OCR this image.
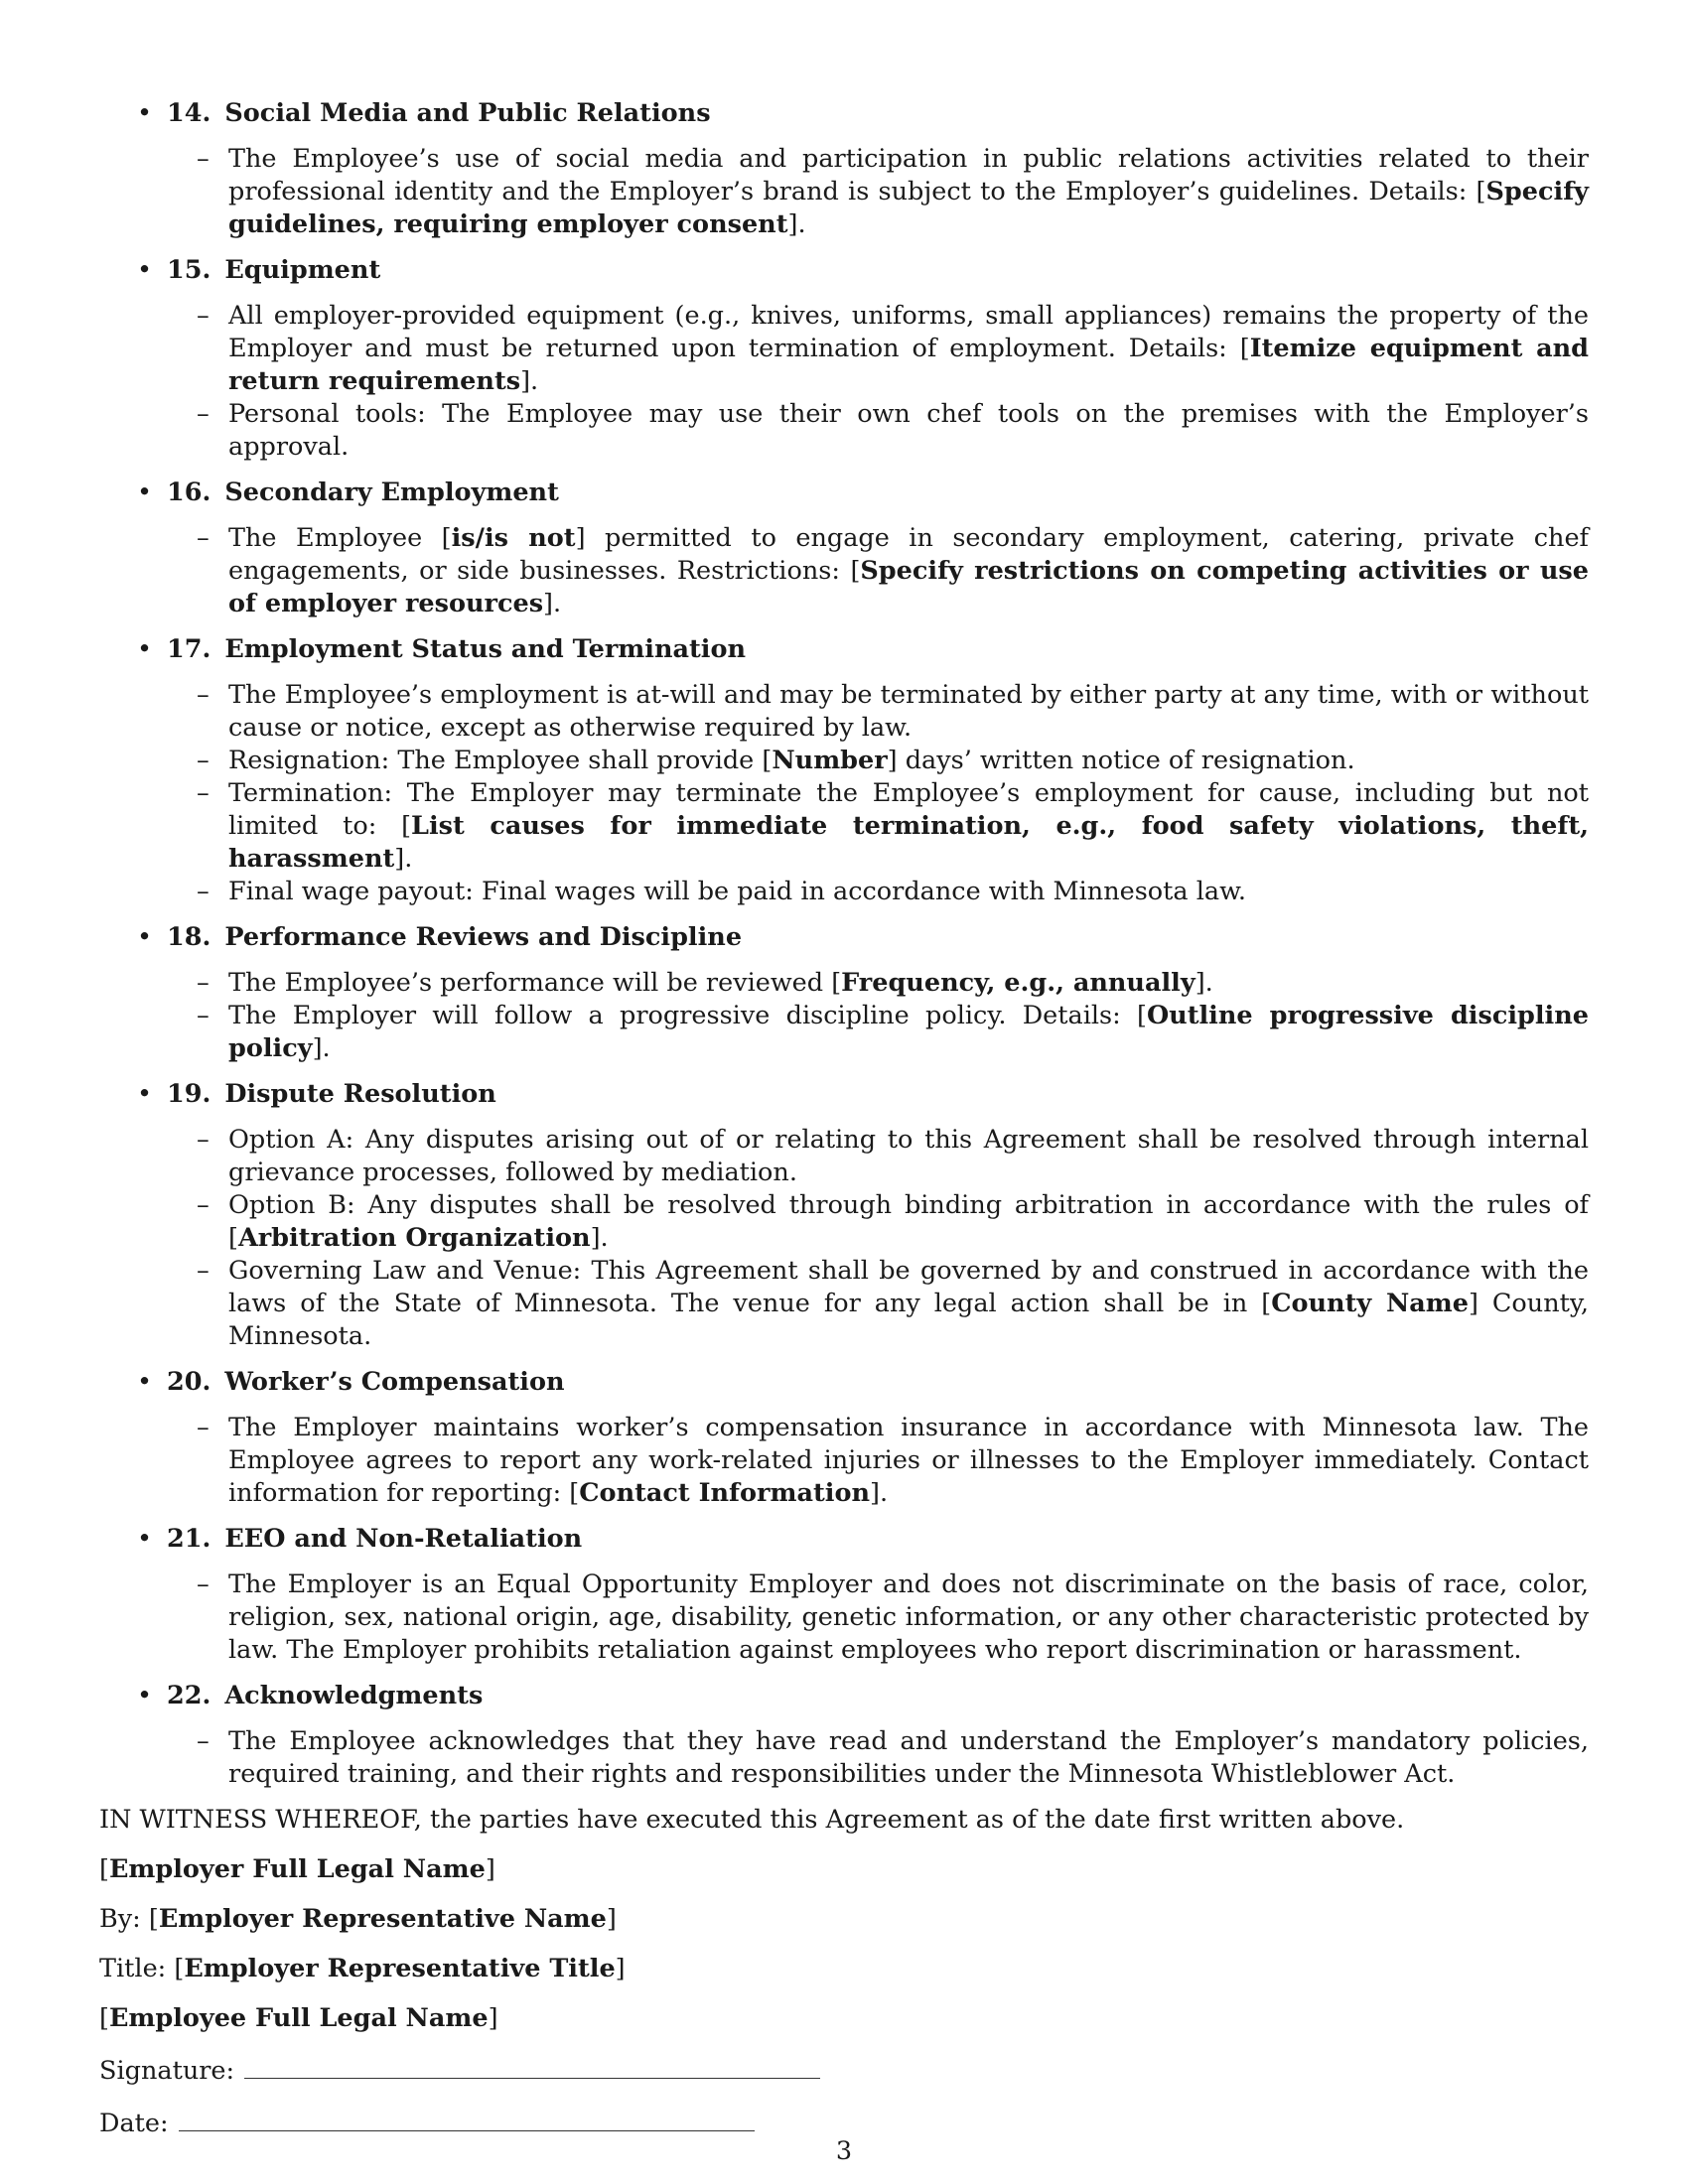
• 14. Social Media and Public Relations
– The Employee’s use of social media and participation in public relations activities related to their professional identity and the Employer’s brand is subject to the Employer’s guidelines. Details: [Specify guidelines, requiring employer consent].
• 15. Equipment
– All employer-provided equipment (e.g., knives, uniforms, small appliances) remains the property of the Employer and must be returned upon termination of employment. Details: [Itemize equipment and return requirements].
– Personal tools: The Employee may use their own chef tools on the premises with the Employer’s approval.
• 16. Secondary Employment
– The Employee [is/is not] permitted to engage in secondary employment, catering, private chef engagements, or side businesses. Restrictions: [Specify restrictions on competing activities or use of employer resources].
• 17. Employment Status and Termination
– The Employee’s employment is at-will and may be terminated by either party at any time, with or without cause or notice, except as otherwise required by law.
– Resignation: The Employee shall provide [Number] days’ written notice of resignation.
– Termination: The Employer may terminate the Employee’s employment for cause, including but not limited to: [List causes for immediate termination, e.g., food safety violations, theft, harassment].
– Final wage payout: Final wages will be paid in accordance with Minnesota law.
• 18. Performance Reviews and Discipline
– The Employee’s performance will be reviewed [Frequency, e.g., annually].
– The Employer will follow a progressive discipline policy. Details: [Outline progressive discipline policy].
• 19. Dispute Resolution
– Option A: Any disputes arising out of or relating to this Agreement shall be resolved through internal grievance processes, followed by mediation.
– Option B: Any disputes shall be resolved through binding arbitration in accordance with the rules of [Arbitration Organization].
– Governing Law and Venue: This Agreement shall be governed by and construed in accordance with the laws of the State of Minnesota. The venue for any legal action shall be in [County Name] County, Minnesota.
• 20. Worker’s Compensation
– The Employer maintains worker’s compensation insurance in accordance with Minnesota law. The Employee agrees to report any work-related injuries or illnesses to the Employer immediately. Contact information for reporting: [Contact Information].
• 21. EEO and Non-Retaliation
– The Employer is an Equal Opportunity Employer and does not discriminate on the basis of race, color, religion, sex, national origin, age, disability, genetic information, or any other characteristic protected by law. The Employer prohibits retaliation against employees who report discrimination or harassment.
• 22. Acknowledgments
– The Employee acknowledges that they have read and understand the Employer’s mandatory policies, required training, and their rights and responsibilities under the Minnesota Whistleblower Act.
IN WITNESS WHEREOF, the parties have executed this Agreement as of the date first written above.
[Employer Full Legal Name]
By: [Employer Representative Name]
Title: [Employer Representative Title]
[Employee Full Legal Name]
Signature:
Date:
3
